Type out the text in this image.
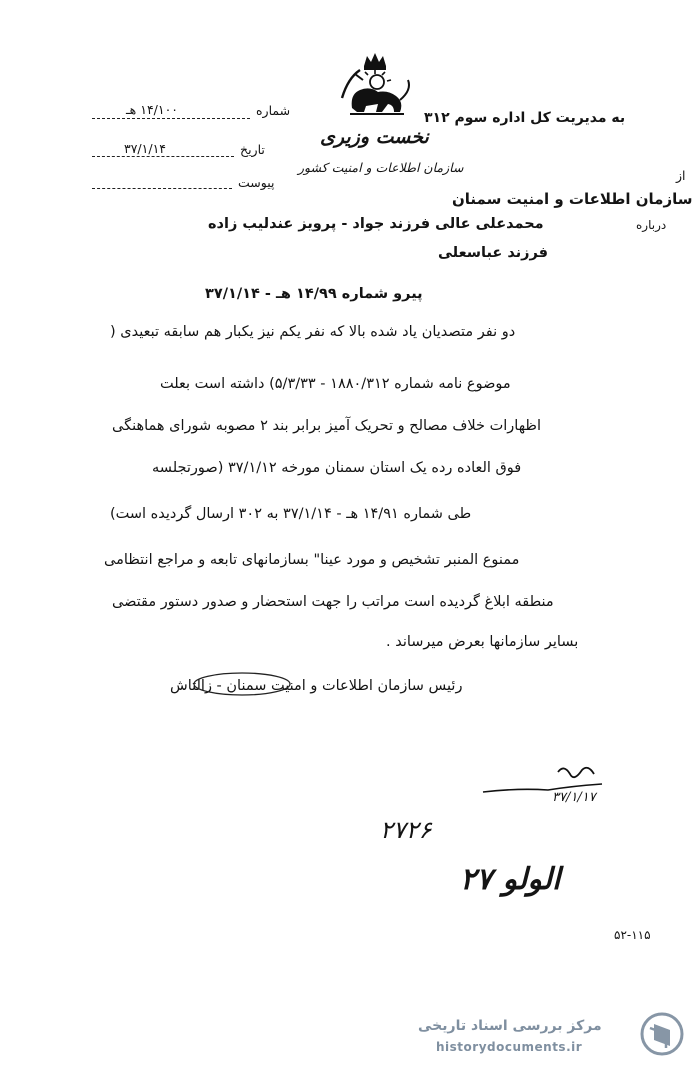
شماره
۱۴/۱۰۰ هـ
تاریخ
۳۷/۱/۱۴
پیوست
نخست وزیری
سازمان اطلاعات و امنیت کشور
به مدیریت کل اداره سوم ۳۱۲
از
سازمان اطلاعات و امنیت سمنان
درباره
محمدعلی عالی فرزند جواد - پرویز عندلیب زاده
فرزند عباسعلی
پیرو شماره ۱۴/۹۹ هـ - ۳۷/۱/۱۴
دو نفر متصدیان یاد شده بالا که نفر یکم نیز یکبار هم سابقه تبعیدی (
موضوع نامه شماره ۱۸۸۰/۳۱۲ - ۵/۳/۳۳) داشته است بعلت
اظهارات خلاف مصالح و تحریک آمیز برابر بند ۲ مصوبه شورای هماهنگی
فوق العاده رده یک استان سمنان مورخه ۳۷/۱/۱۲ (صورتجلسه
طی شماره ۱۴/۹۱ هـ - ۳۷/۱/۱۴ به ۳۰۲ ارسال گردیده است)
ممنوع المنبر تشخیص و مورد عینا" بسازمانهای تابعه و مراجع انتظامی
منطقه ابلاغ گردیده است مراتب را جهت استحضار و صدور دستور مقتضی
بسایر سازمانها بعرض میرساند .
رئیس سازمان اطلاعات و امنیت سمنان - زالتاش
۳۷/۱/۱۷
۲۷۲۶
الولو ۲۷
۵۲-۱۱۵
مرکز بررسی اسناد تاریخی
historydocuments.ir
